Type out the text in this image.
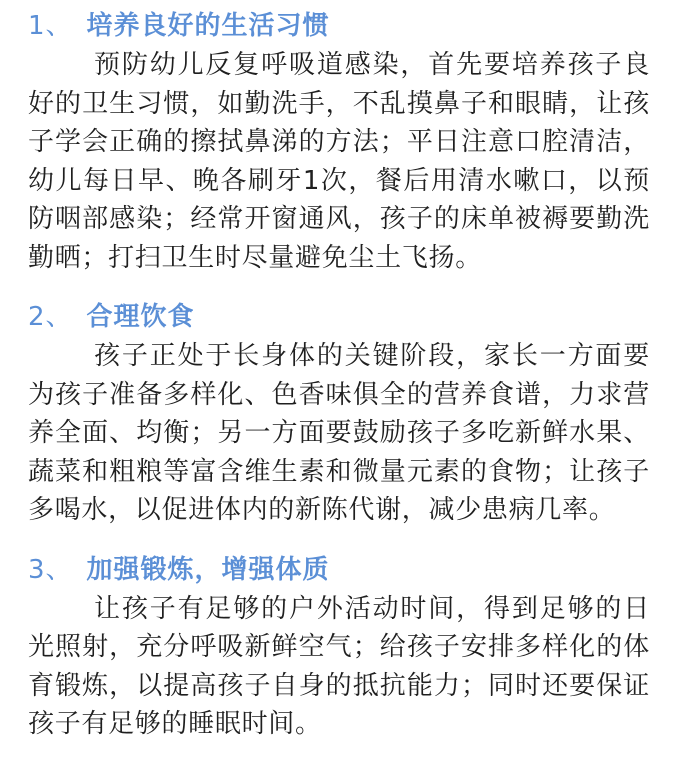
1、 培养良好的生活习惯

预防幼儿反复呼吸道感染，首先要培养孩子良好的卫生习惯，如勤洗手，不乱摸鼻子和眼睛，让孩子学会正确的擦拭鼻涕的方法；平日注意口腔清洁，幼儿每日早、晚各刷牙1次，餐后用清水嗽口，以预防咽部感染；经常开窗通风，孩子的床单被褥要勤洗勤晒；打扫卫生时尽量避免尘土飞扬。

2、 合理饮食

孩子正处于长身体的关键阶段，家长一方面要为孩子准备多样化、色香味俱全的营养食谱，力求营养全面、均衡；另一方面要鼓励孩子多吃新鲜水果、蔬菜和粗粮等富含维生素和微量元素的食物；让孩子多喝水，以促进体内的新陈代谢，减少患病几率。

3、 加强锻炼，增强体质

让孩子有足够的户外活动时间，得到足够的日光照射，充分呼吸新鲜空气；给孩子安排多样化的体育锻炼，以提高孩子自身的抵抗能力；同时还要保证孩子有足够的睡眠时间。
